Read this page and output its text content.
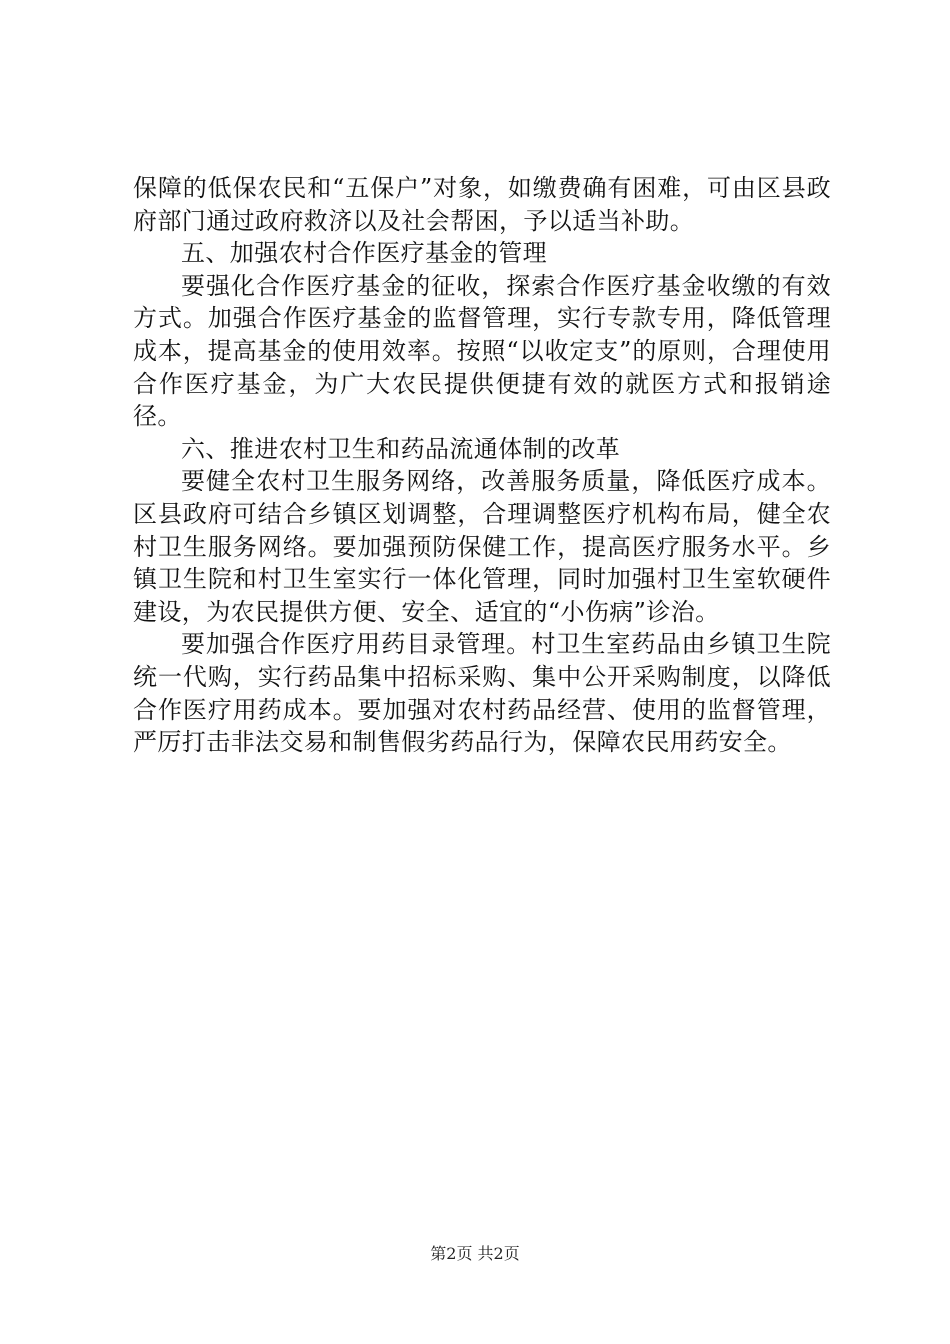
保障的低保农民和“五保户”对象，如缴费确有困难，可由区县政府部门通过政府救济以及社会帮困，予以适当补助。

五、加强农村合作医疗基金的管理

要强化合作医疗基金的征收，探索合作医疗基金收缴的有效方式。加强合作医疗基金的监督管理，实行专款专用，降低管理成本，提高基金的使用效率。按照“以收定支”的原则，合理使用合作医疗基金，为广大农民提供便捷有效的就医方式和报销途径。

六、推进农村卫生和药品流通体制的改革

要健全农村卫生服务网络，改善服务质量，降低医疗成本。区县政府可结合乡镇区划调整，合理调整医疗机构布局，健全农村卫生服务网络。要加强预防保健工作，提高医疗服务水平。乡镇卫生院和村卫生室实行一体化管理，同时加强村卫生室软硬件建设，为农民提供方便、安全、适宜的“小伤病”诊治。

要加强合作医疗用药目录管理。村卫生室药品由乡镇卫生院统一代购，实行药品集中招标采购、集中公开采购制度，以降低合作医疗用药成本。要加强对农村药品经营、使用的监督管理，严厉打击非法交易和制售假劣药品行为，保障农民用药安全。

第2页 共2页
